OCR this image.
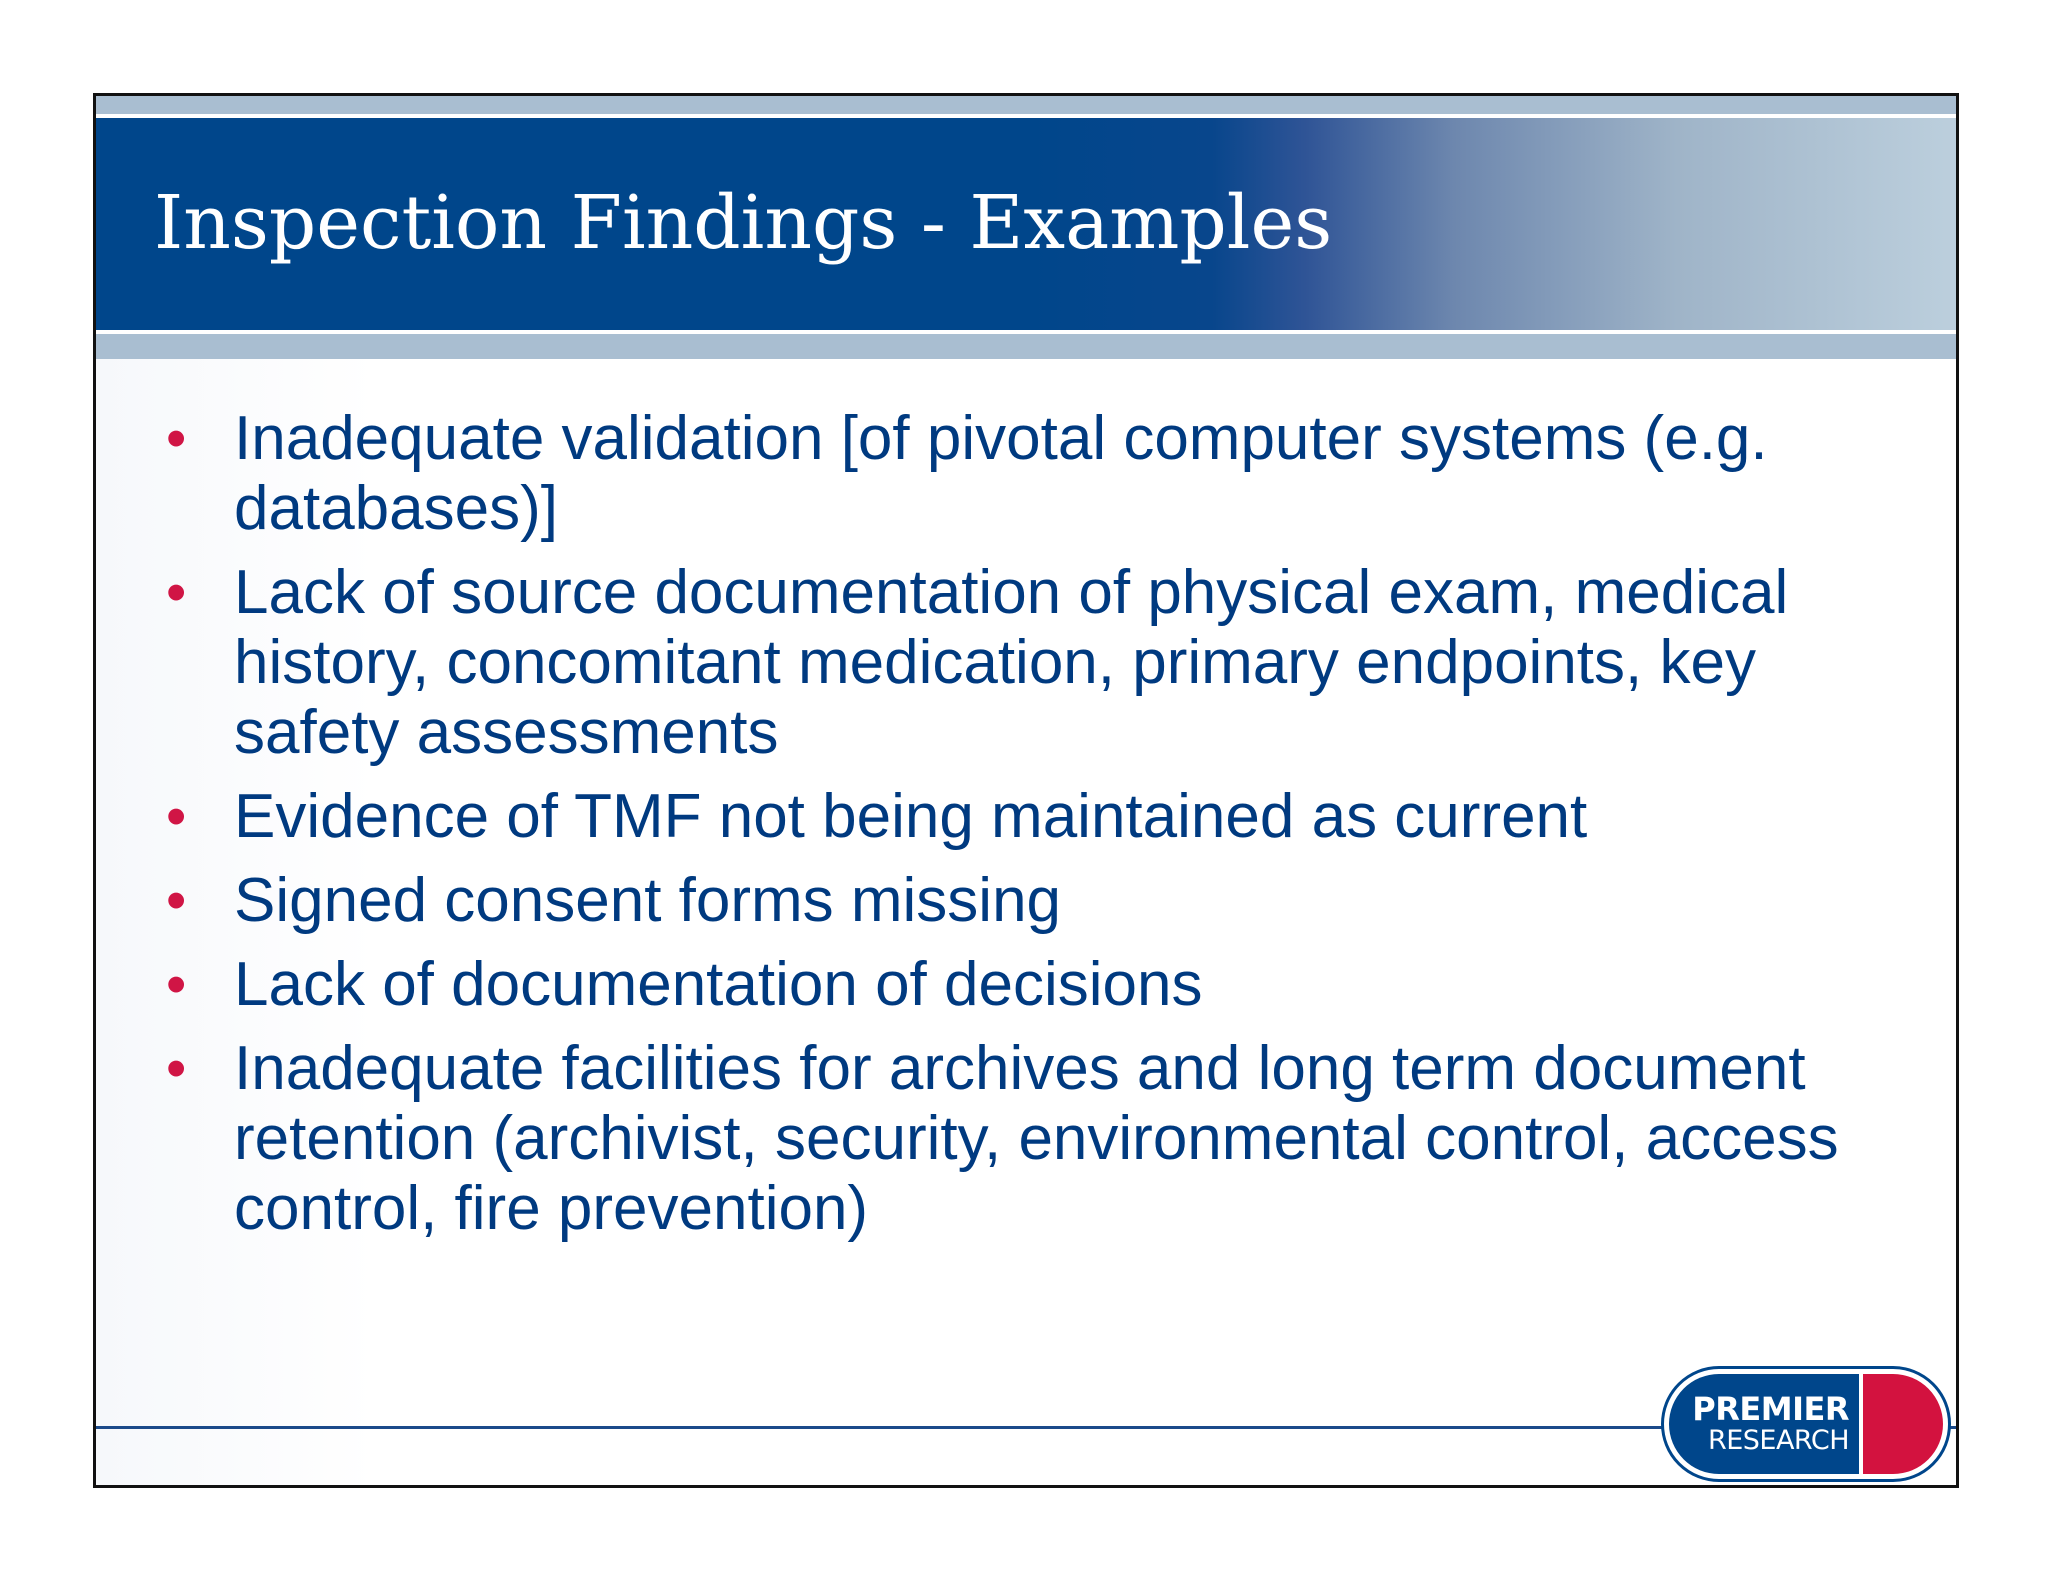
Inspection Findings - Examples
• Inadequate validation [of pivotal computer systems (e.g. databases)]
• Lack of source documentation of physical exam, medical history, concomitant medication, primary endpoints, key safety assessments
• Evidence of TMF not being maintained as current
• Signed consent forms missing
• Lack of documentation of decisions
• Inadequate facilities for archives and long term document retention (archivist, security, environmental control, access control, fire prevention)
PREMIER
RESEARCH
